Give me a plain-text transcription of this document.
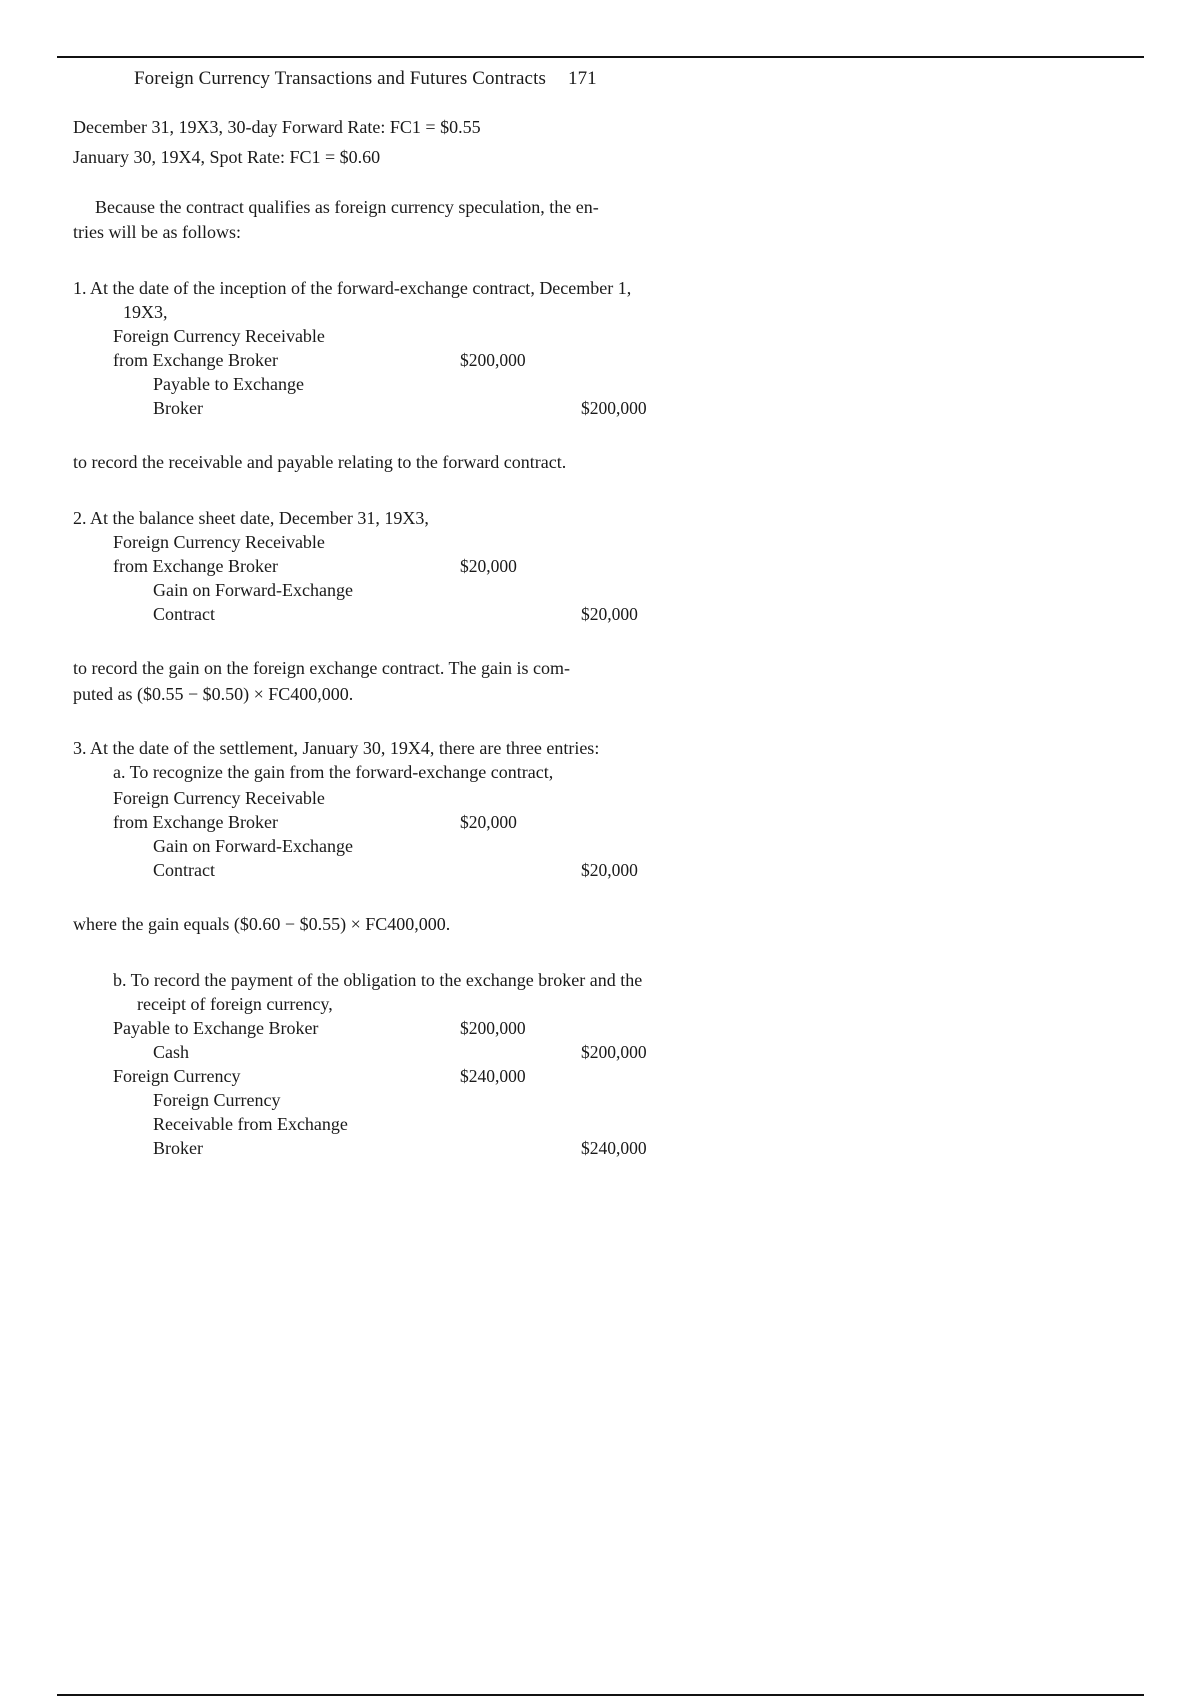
Foreign Currency Transactions and Futures Contracts 171
December 31, 19X3, 30-day Forward Rate: FC1 = $0.55
January 30, 19X4, Spot Rate: FC1 = $0.60
Because the contract qualifies as foreign currency speculation, the en-
tries will be as follows:
1. At the date of the inception of the forward-exchange contract, December 1,
19X3,
Foreign Currency Receivable
from Exchange Broker	$200,000
Payable to Exchange
Broker	$200,000
to record the receivable and payable relating to the forward contract.
2. At the balance sheet date, December 31, 19X3,
Foreign Currency Receivable
from Exchange Broker	$20,000
Gain on Forward-Exchange
Contract	$20,000
to record the gain on the foreign exchange contract. The gain is com-
puted as ($0.55 − $0.50) × FC400,000.
3. At the date of the settlement, January 30, 19X4, there are three entries:
a. To recognize the gain from the forward-exchange contract,
Foreign Currency Receivable
from Exchange Broker	$20,000
Gain on Forward-Exchange
Contract	$20,000
where the gain equals ($0.60 − $0.55) × FC400,000.
b. To record the payment of the obligation to the exchange broker and the
receipt of foreign currency,
Payable to Exchange Broker	$200,000
Cash	$200,000
Foreign Currency	$240,000
Foreign Currency
Receivable from Exchange
Broker	$240,000
